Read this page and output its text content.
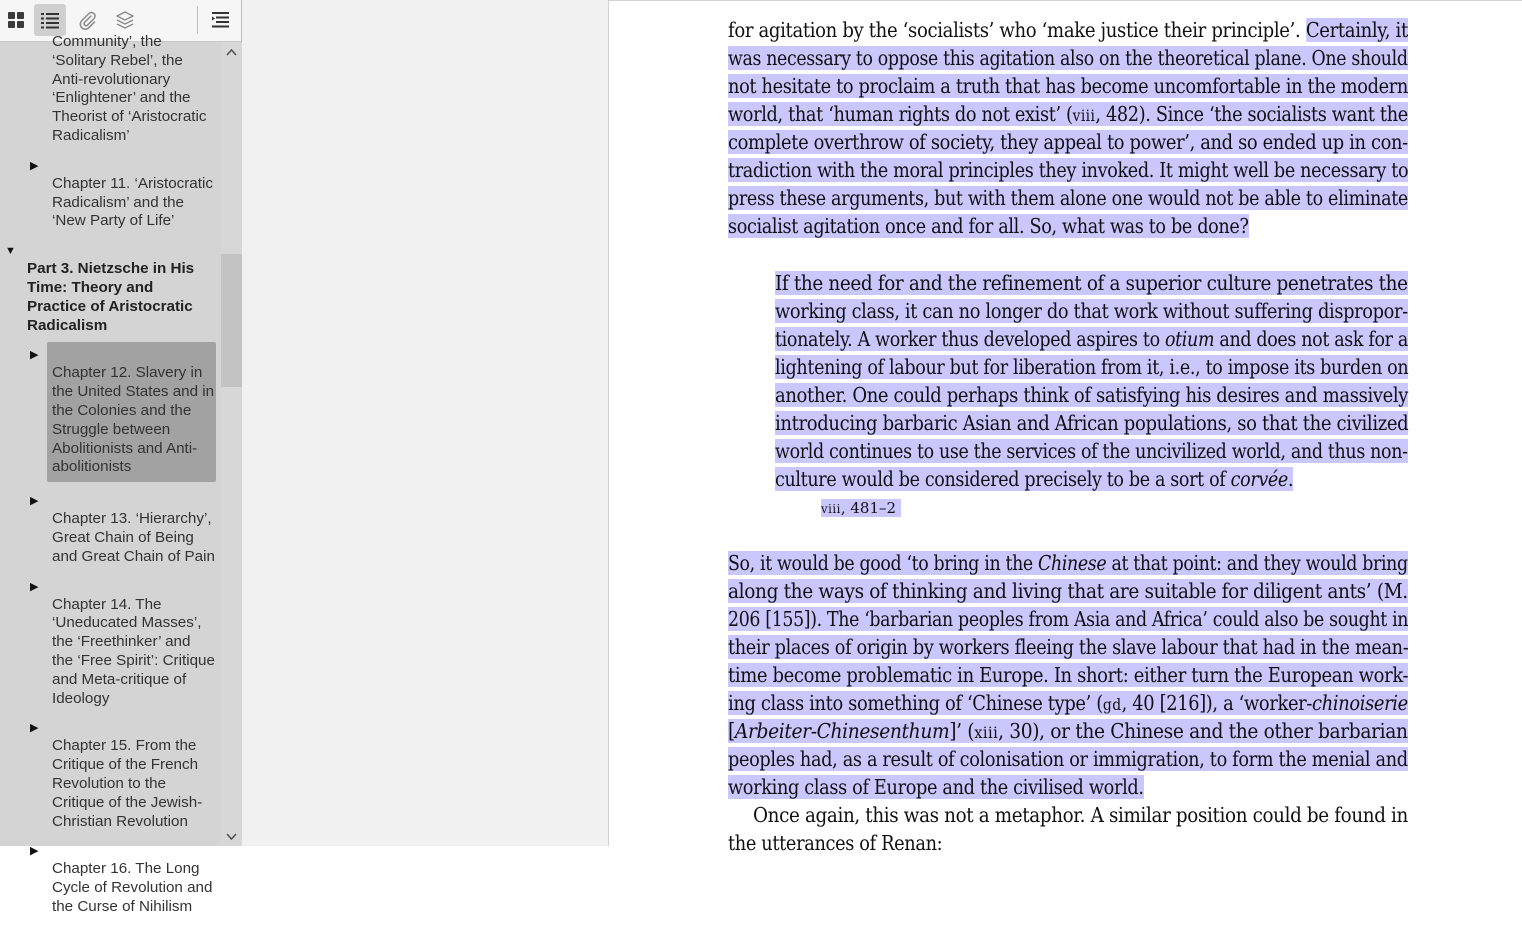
Community’, the ‘Solitary Rebel’, the Anti-revolutionary ‘Enlightener’ and the Theorist of ‘Aristocratic Radicalism’
▶
Chapter 11. ‘Aristocratic Radicalism’ and the ‘New Party of Life’
▼
Part 3. Nietzsche in His Time: Theory and Practice of Aristocratic Radicalism
▶
Chapter 12. Slavery in the United States and in the Colonies and the Struggle between Abolitionists and Anti-abolitionists
▶
Chapter 13. ‘Hierarchy’, Great Chain of Being and Great Chain of Pain
▶
Chapter 14. The ‘Uneducated Masses’, the ‘Freethinker’ and the ‘Free Spirit’: Critique and Meta-critique of Ideology
▶
Chapter 15. From the Critique of the French Revolution to the Critique of the Jewish-Christian Revolution
▶
Chapter 16. The Long Cycle of Revolution and the Curse of Nihilism
for agitation by the ‘socialists’ who ‘make justice their principle’. Certainly, it
was necessary to oppose this agitation also on the theoretical plane. One should
not hesitate to proclaim a truth that has become uncomfortable in the modern
world, that ‘human rights do not exist’ (viii, 482). Since ‘the socialists want the
complete overthrow of society, they appeal to power’, and so ended up in con-
tradiction with the moral principles they invoked. It might well be necessary to
press these arguments, but with them alone one would not be able to eliminate
socialist agitation once and for all. So, what was to be done?
If the need for and the refinement of a superior culture penetrates the
working class, it can no longer do that work without suffering dispropor-
tionately. A worker thus developed aspires to otium and does not ask for a
lightening of labour but for liberation from it, i.e., to impose its burden on
another. One could perhaps think of satisfying his desires and massively
introducing barbaric Asian and African populations, so that the civilized
world continues to use the services of the uncivilized world, and thus non-
culture would be considered precisely to be a sort of corvée.
viii, 481–2
So, it would be good ‘to bring in the Chinese at that point: and they would bring
along the ways of thinking and living that are suitable for diligent ants’ (M.
206 [155]). The ‘barbarian peoples from Asia and Africa’ could also be sought in
their places of origin by workers fleeing the slave labour that had in the mean-
time become problematic in Europe. In short: either turn the European work-
ing class into something of ‘Chinese type’ (gd, 40 [216]), a ‘worker-chinoiserie
[Arbeiter-Chinesenthum]’ (xiii, 30), or the Chinese and the other barbarian
peoples had, as a result of colonisation or immigration, to form the menial and
working class of Europe and the civilised world.
Once again, this was not a metaphor. A similar position could be found in
the utterances of Renan:
